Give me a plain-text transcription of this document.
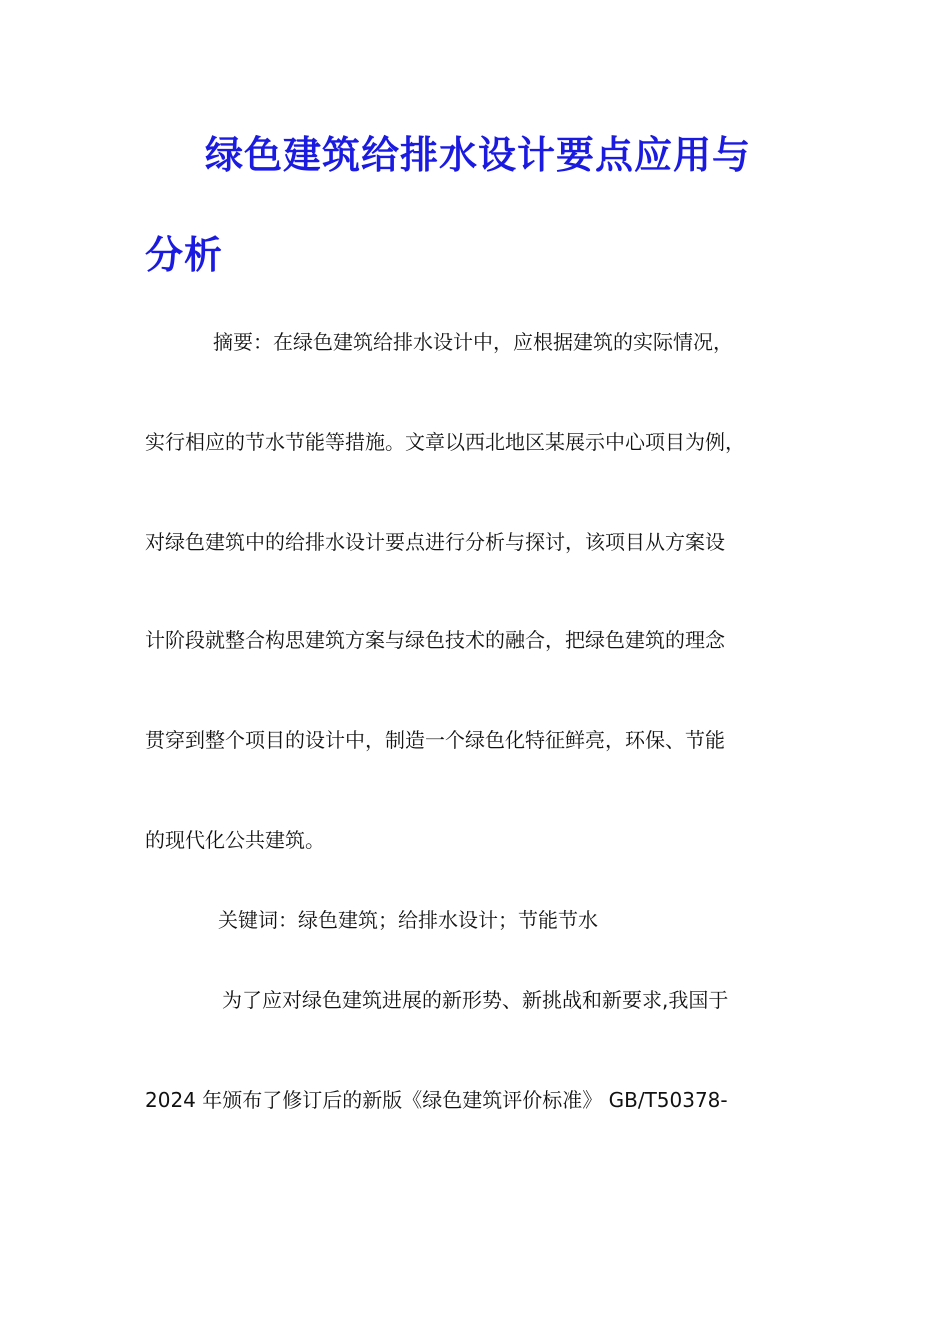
绿色建筑给排水设计要点应用与
分析
摘要：在绿色建筑给排水设计中，应根据建筑的实际情况，
实行相应的节水节能等措施。文章以西北地区某展示中心项目为例，
对绿色建筑中的给排水设计要点进行分析与探讨，该项目从方案设
计阶段就整合构思建筑方案与绿色技术的融合，把绿色建筑的理念
贯穿到整个项目的设计中，制造一个绿色化特征鲜亮，环保、节能
的现代化公共建筑。
关键词：绿色建筑；给排水设计；节能节水
为了应对绿色建筑进展的新形势、新挑战和新要求,我国于
2024 年颁布了修订后的新版《绿色建筑评价标准》 GB/T50378-
